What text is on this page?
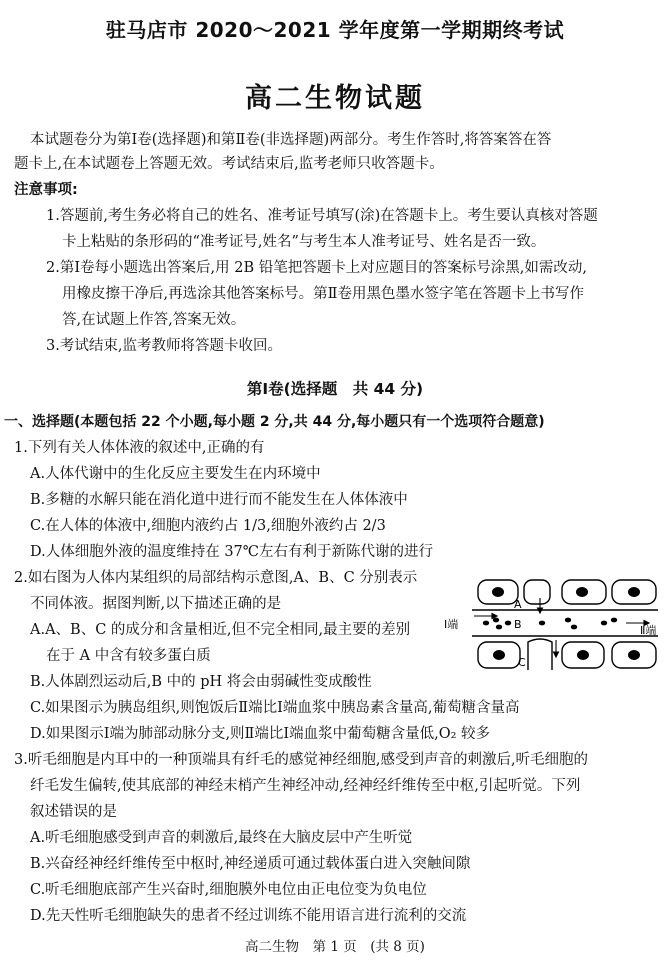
驻马店市 2020～2021 学年度第一学期期终考试
高二生物试题
本试题卷分为第Ⅰ卷(选择题)和第Ⅱ卷(非选择题)两部分。考生作答时,将答案答在答
题卡上,在本试题卷上答题无效。考试结束后,监考老师只收答题卡。
注意事项:
1.答题前,考生务必将自己的姓名、准考证号填写(涂)在答题卡上。考生要认真核对答题
卡上粘贴的条形码的“准考证号,姓名”与考生本人准考证号、姓名是否一致。
2.第Ⅰ卷每小题选出答案后,用 2B 铅笔把答题卡上对应题目的答案标号涂黑,如需改动,
用橡皮擦干净后,再选涂其他答案标号。第Ⅱ卷用黑色墨水签字笔在答题卡上书写作
答,在试题上作答,答案无效。
3.考试结束,监考教师将答题卡收回。
第Ⅰ卷(选择题　共 44 分)
一、选择题(本题包括 22 个小题,每小题 2 分,共 44 分,每小题只有一个选项符合题意)
1.下列有关人体体液的叙述中,正确的有
A.人体代谢中的生化反应主要发生在内环境中
B.多糖的水解只能在消化道中进行而不能发生在人体体液中
C.在人体的体液中,细胞内液约占 1/3,细胞外液约占 2/3
D.人体细胞外液的温度维持在 37℃左右有利于新陈代谢的进行
2.如右图为人体内某组织的局部结构示意图,A、B、C 分别表示
不同体液。据图判断,以下描述正确的是
A.A、B、C 的成分和含量相近,但不完全相同,最主要的差别
在于 A 中含有较多蛋白质
B.人体剧烈运动后,B 中的 pH 将会由弱碱性变成酸性
C.如果图示为胰岛组织,则饱饭后Ⅱ端比Ⅰ端血浆中胰岛素含量高,葡萄糖含量高
D.如果图示Ⅰ端为肺部动脉分支,则Ⅱ端比Ⅰ端血浆中葡萄糖含量低,O₂ 较多
A
B
C
Ⅰ端	Ⅱ端
3.听毛细胞是内耳中的一种顶端具有纤毛的感觉神经细胞,感受到声音的刺激后,听毛细胞的
纤毛发生偏转,使其底部的神经末梢产生神经冲动,经神经纤维传至中枢,引起听觉。下列
叙述错误的是
A.听毛细胞感受到声音的刺激后,最终在大脑皮层中产生听觉
B.兴奋经神经纤维传至中枢时,神经递质可通过载体蛋白进入突触间隙
C.听毛细胞底部产生兴奋时,细胞膜外电位由正电位变为负电位
D.先天性听毛细胞缺失的患者不经过训练不能用语言进行流利的交流
高二生物　第 1 页　(共 8 页)
